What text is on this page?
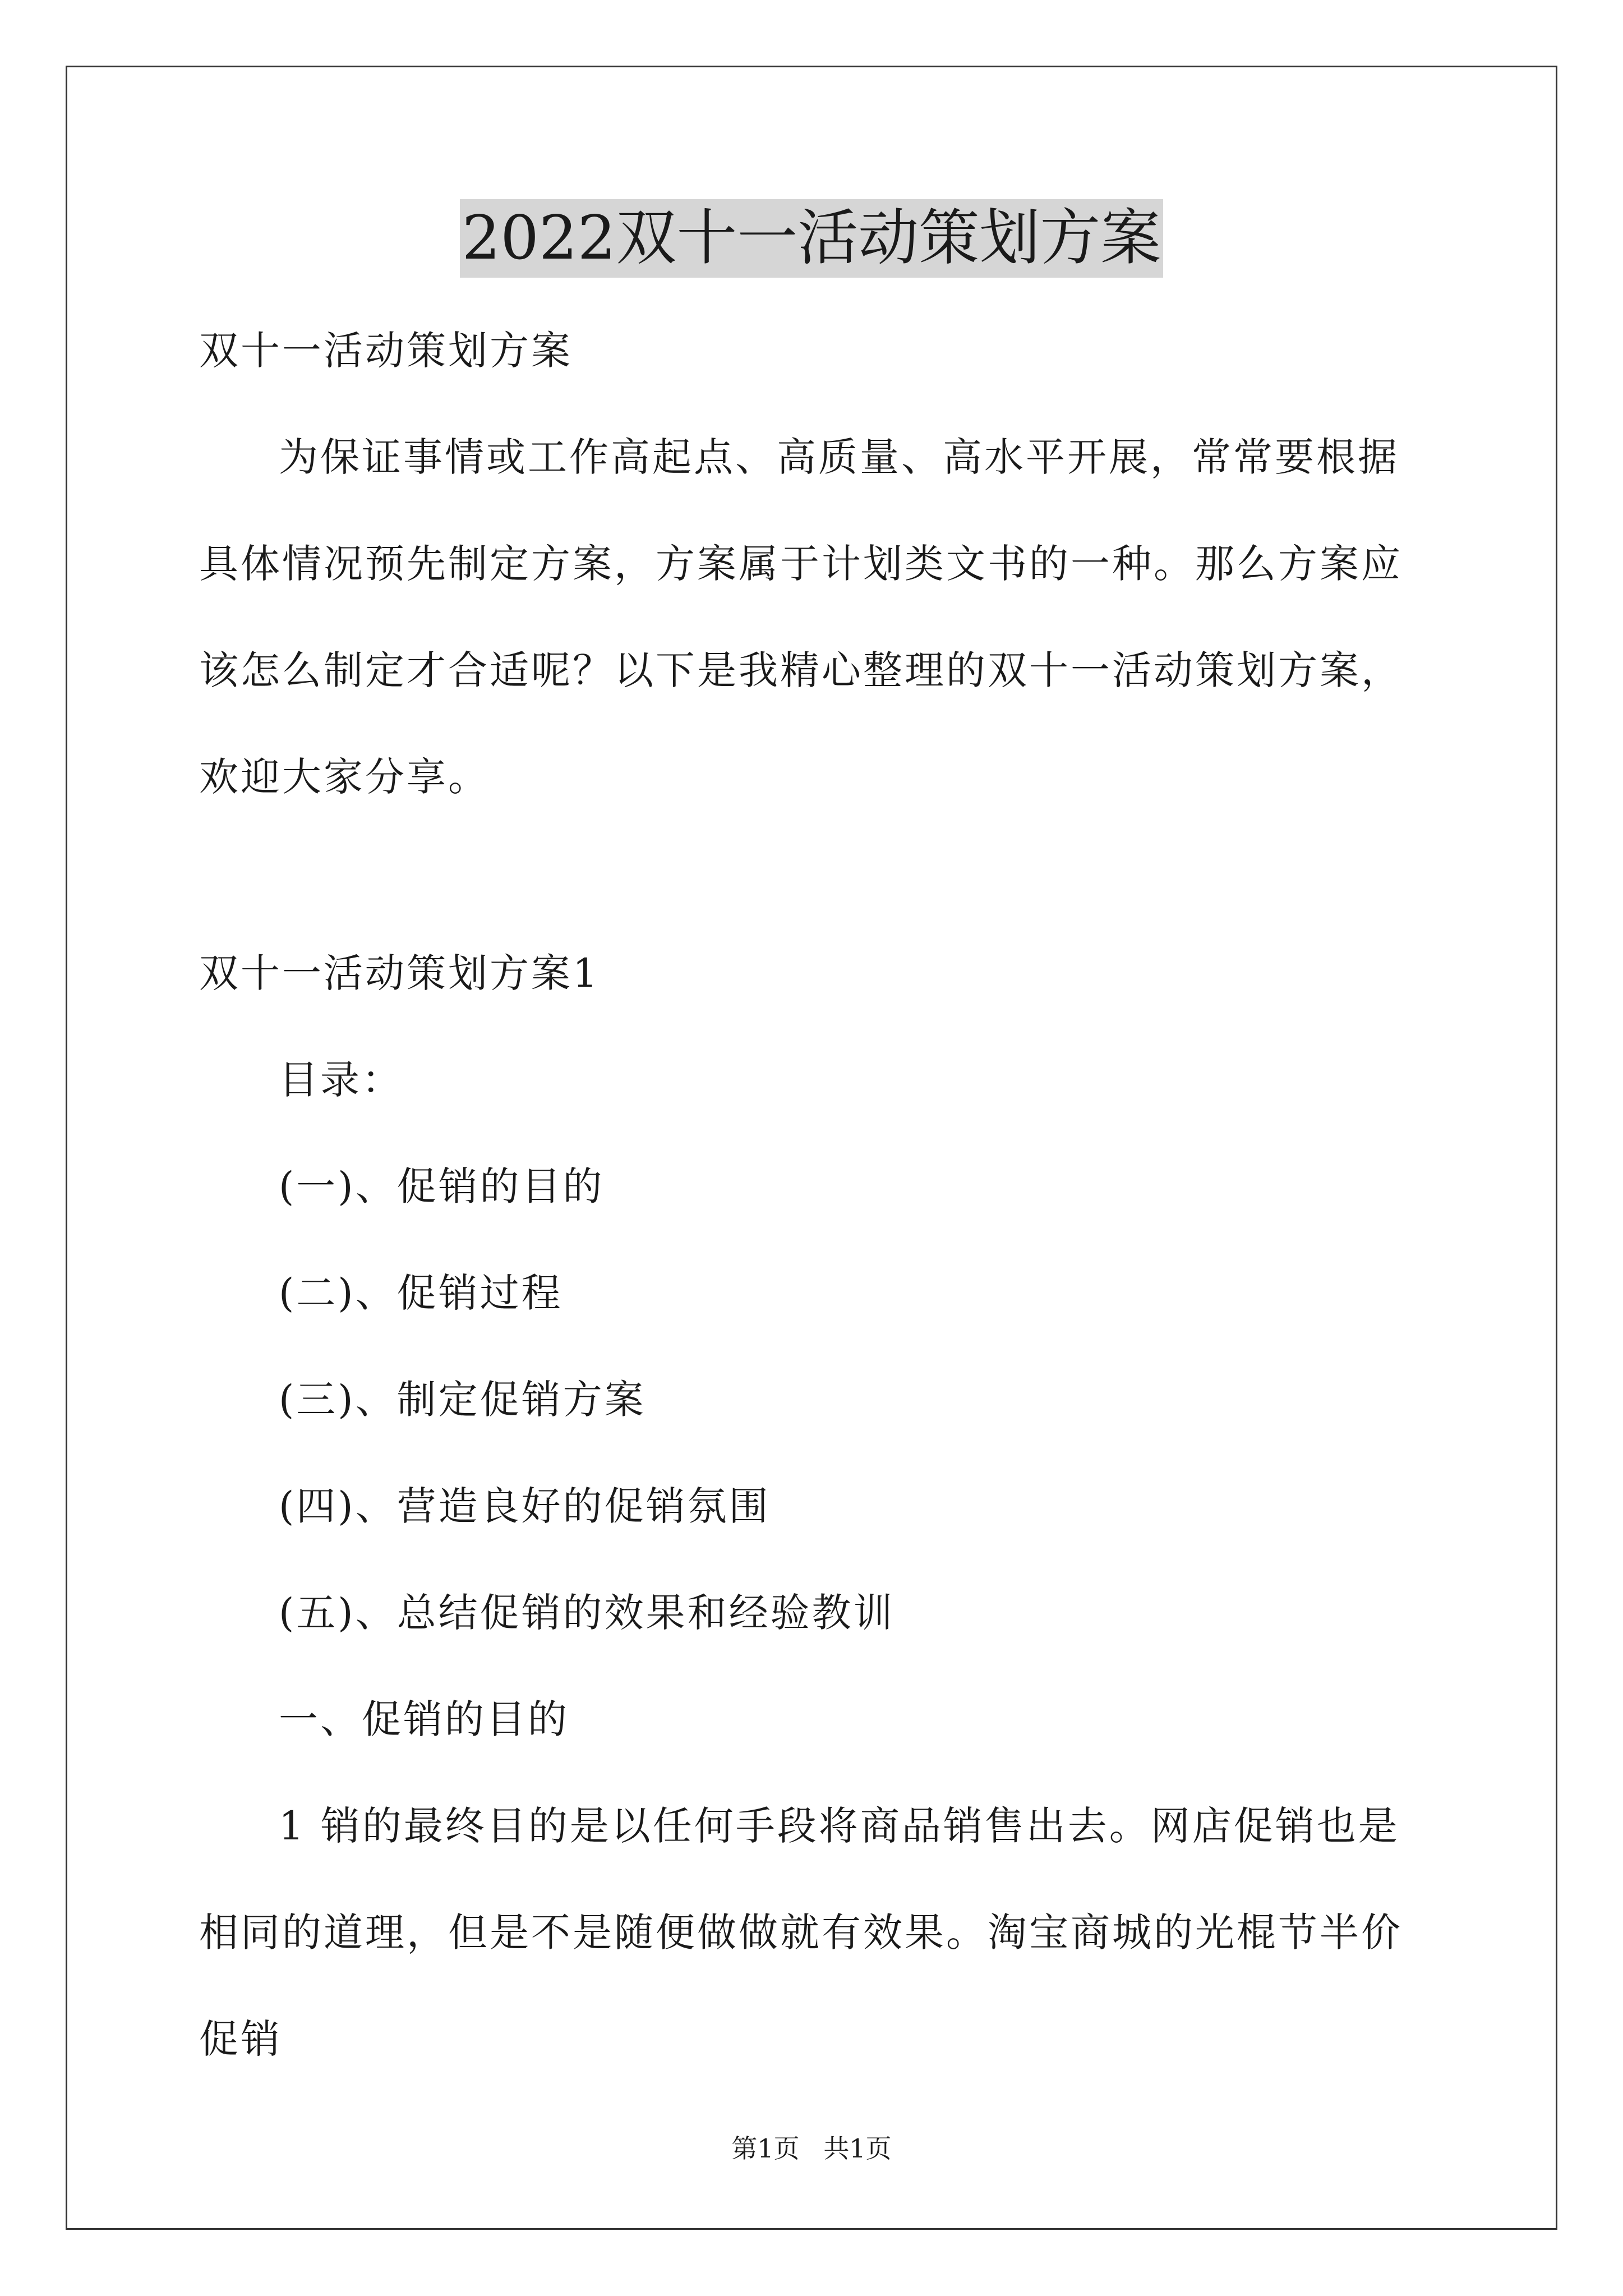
2022双十一活动策划方案

双十一活动策划方案

为保证事情或工作高起点、高质量、高水平开展，常常要根据具体情况预先制定方案，方案属于计划类文书的一种。那么方案应该怎么制定才合适呢？以下是我精心整理的双十一活动策划方案，欢迎大家分享。

双十一活动策划方案1

目录：

(一)、促销的目的

(二)、促销过程

(三)、制定促销方案

(四)、营造良好的促销氛围

(五)、总结促销的效果和经验教训

一、促销的目的

1 销的最终目的是以任何手段将商品销售出去。网店促销也是相同的道理，但是不是随便做做就有效果。淘宝商城的光棍节半价促销

第1页 共1页
